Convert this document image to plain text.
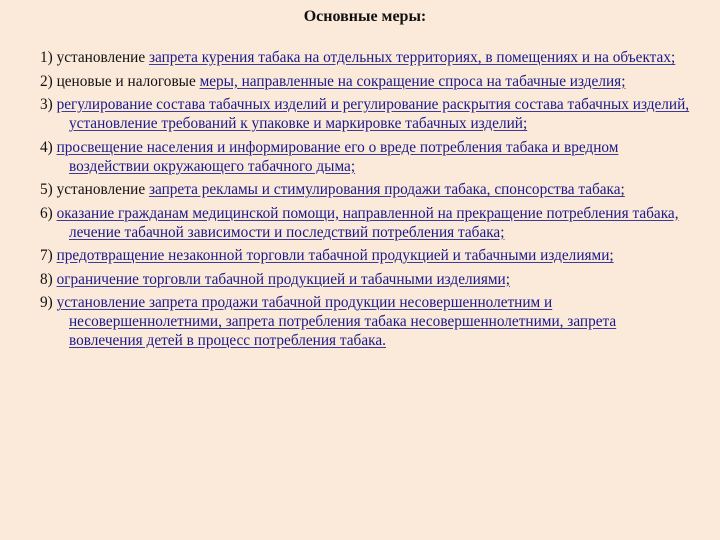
Основные меры:
1) установление запрета курения табака на отдельных территориях, в помещениях и на объектах;
2) ценовые и налоговые меры, направленные на сокращение спроса на табачные изделия;
3) регулирование состава табачных изделий и регулирование раскрытия состава табачных изделий, установление требований к упаковке и маркировке табачных изделий;
4) просвещение населения и информирование его о вреде потребления табака и вредном воздействии окружающего табачного дыма;
5) установление запрета рекламы и стимулирования продажи табака, спонсорства табака;
6) оказание гражданам медицинской помощи, направленной на прекращение потребления табака, лечение табачной зависимости и последствий потребления табака;
7) предотвращение незаконной торговли табачной продукцией и табачными изделиями;
8) ограничение торговли табачной продукцией и табачными изделиями;
9) установление запрета продажи табачной продукции несовершеннолетним и несовершеннолетними, запрета потребления табака несовершеннолетними, запрета вовлечения детей в процесс потребления табака.
